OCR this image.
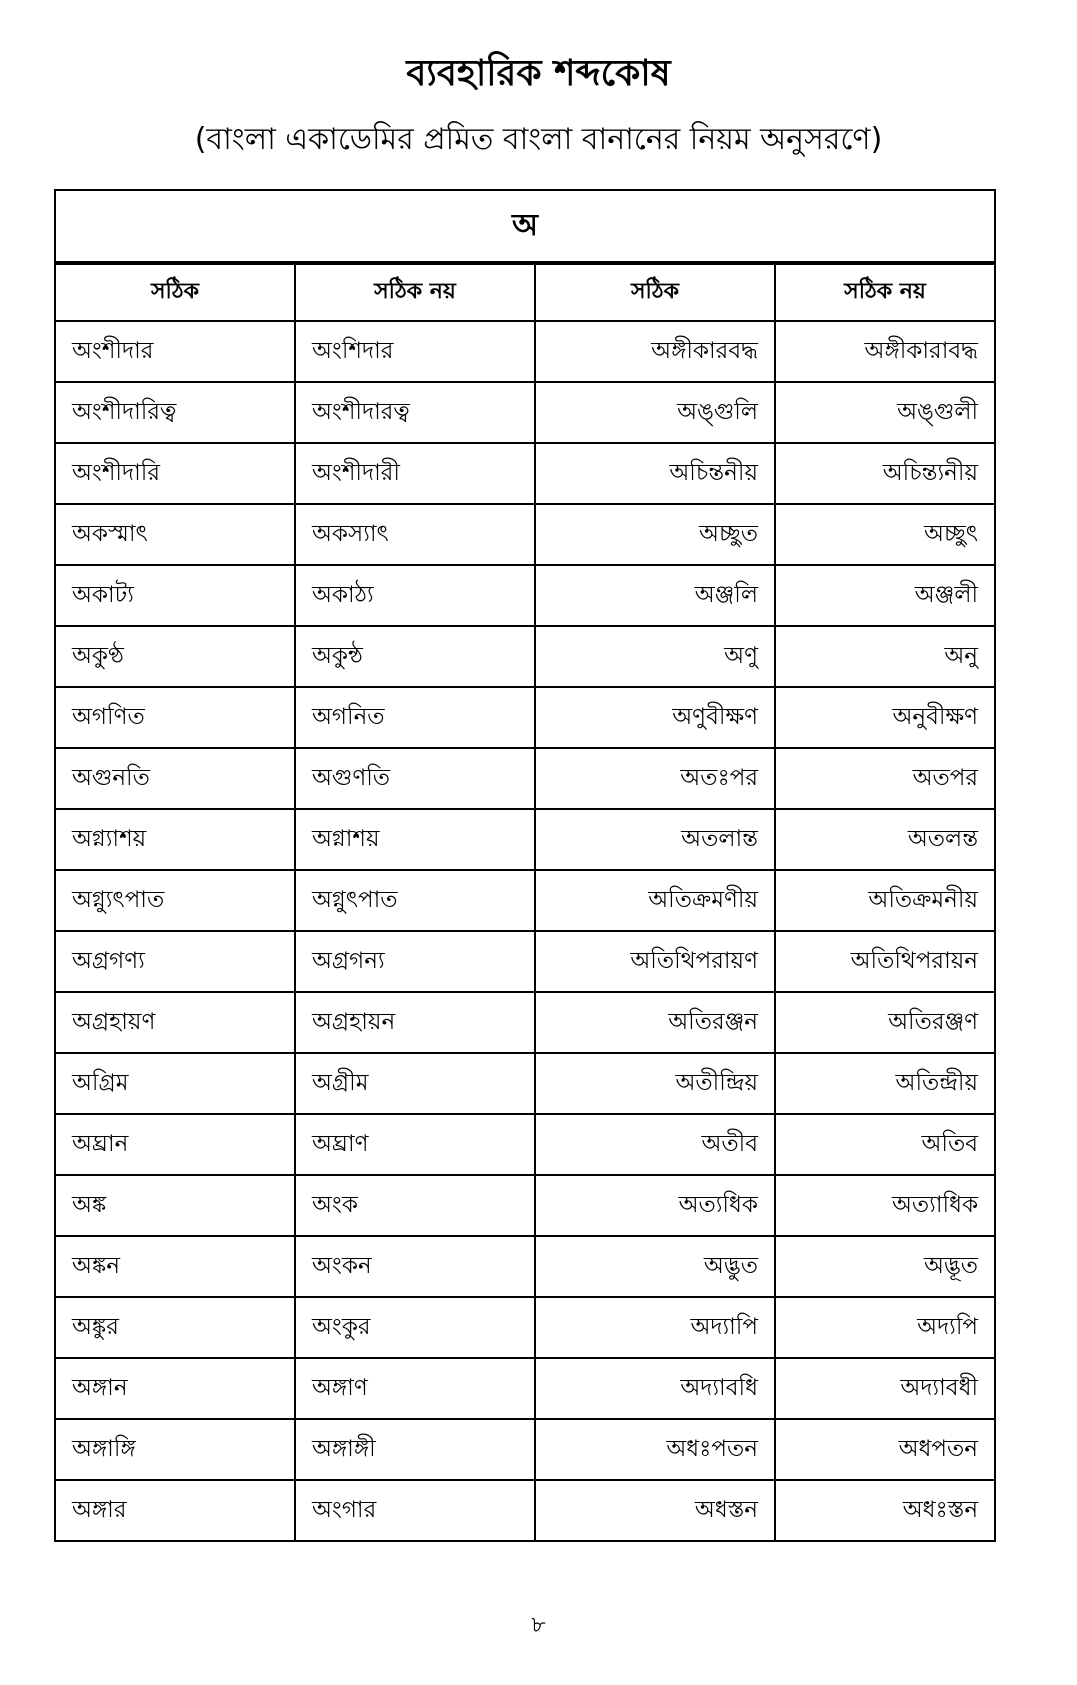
ব্যবহারিক শব্দকোষ
(বাংলা একাডেমির প্রমিত বাংলা বানানের নিয়ম অনুসরণে)
অ			
সঠিক	সঠিক নয়	সঠিক	সঠিক নয়
অংশীদার	অংশিদার	অঙ্গীকারবদ্ধ	অঙ্গীকারাবদ্ধ
অংশীদারিত্ব	অংশীদারত্ব	অঙ্গুলি	অঙ্গুলী
অংশীদারি	অংশীদারী	অচিন্তনীয়	অচিন্ত্যনীয়
অকস্মাৎ	অকস্যাৎ	অচ্ছুত	অচ্ছুৎ
অকাট্য	অকাঠ্য	অঞ্জলি	অঞ্জলী
অকুণ্ঠ	অকুন্ঠ	অণু	অনু
অগণিত	অগনিত	অণুবীক্ষণ	অনুবীক্ষণ
অগুনতি	অগুণতি	অতঃপর	অতপর
অগ্ন্যাশয়	অগ্নাশয়	অতলান্ত	অতলন্ত
অগ্ন্যুৎপাত	অগ্নুৎপাত	অতিক্রমণীয়	অতিক্রমনীয়
অগ্রগণ্য	অগ্রগন্য	অতিথিপরায়ণ	অতিথিপরায়ন
অগ্রহায়ণ	অগ্রহায়ন	অতিরঞ্জন	অতিরঞ্জণ
অগ্রিম	অগ্রীম	অতীন্দ্রিয়	অতিন্দ্রীয়
অঘ্রান	অঘ্রাণ	অতীব	অতিব
অঙ্ক	অংক	অত্যধিক	অত্যাধিক
অঙ্কন	অংকন	অদ্ভুত	অদ্ভূত
অঙ্কুর	অংকুর	অদ্যাপি	অদ্যপি
অঙ্গান	অঙ্গাণ	অদ্যাবধি	অদ্যাবধী
অঙ্গাঙ্গি	অঙ্গাঙ্গী	অধঃপতন	অধপতন
অঙ্গার	অংগার	অধস্তন	অধঃস্তন
৮
